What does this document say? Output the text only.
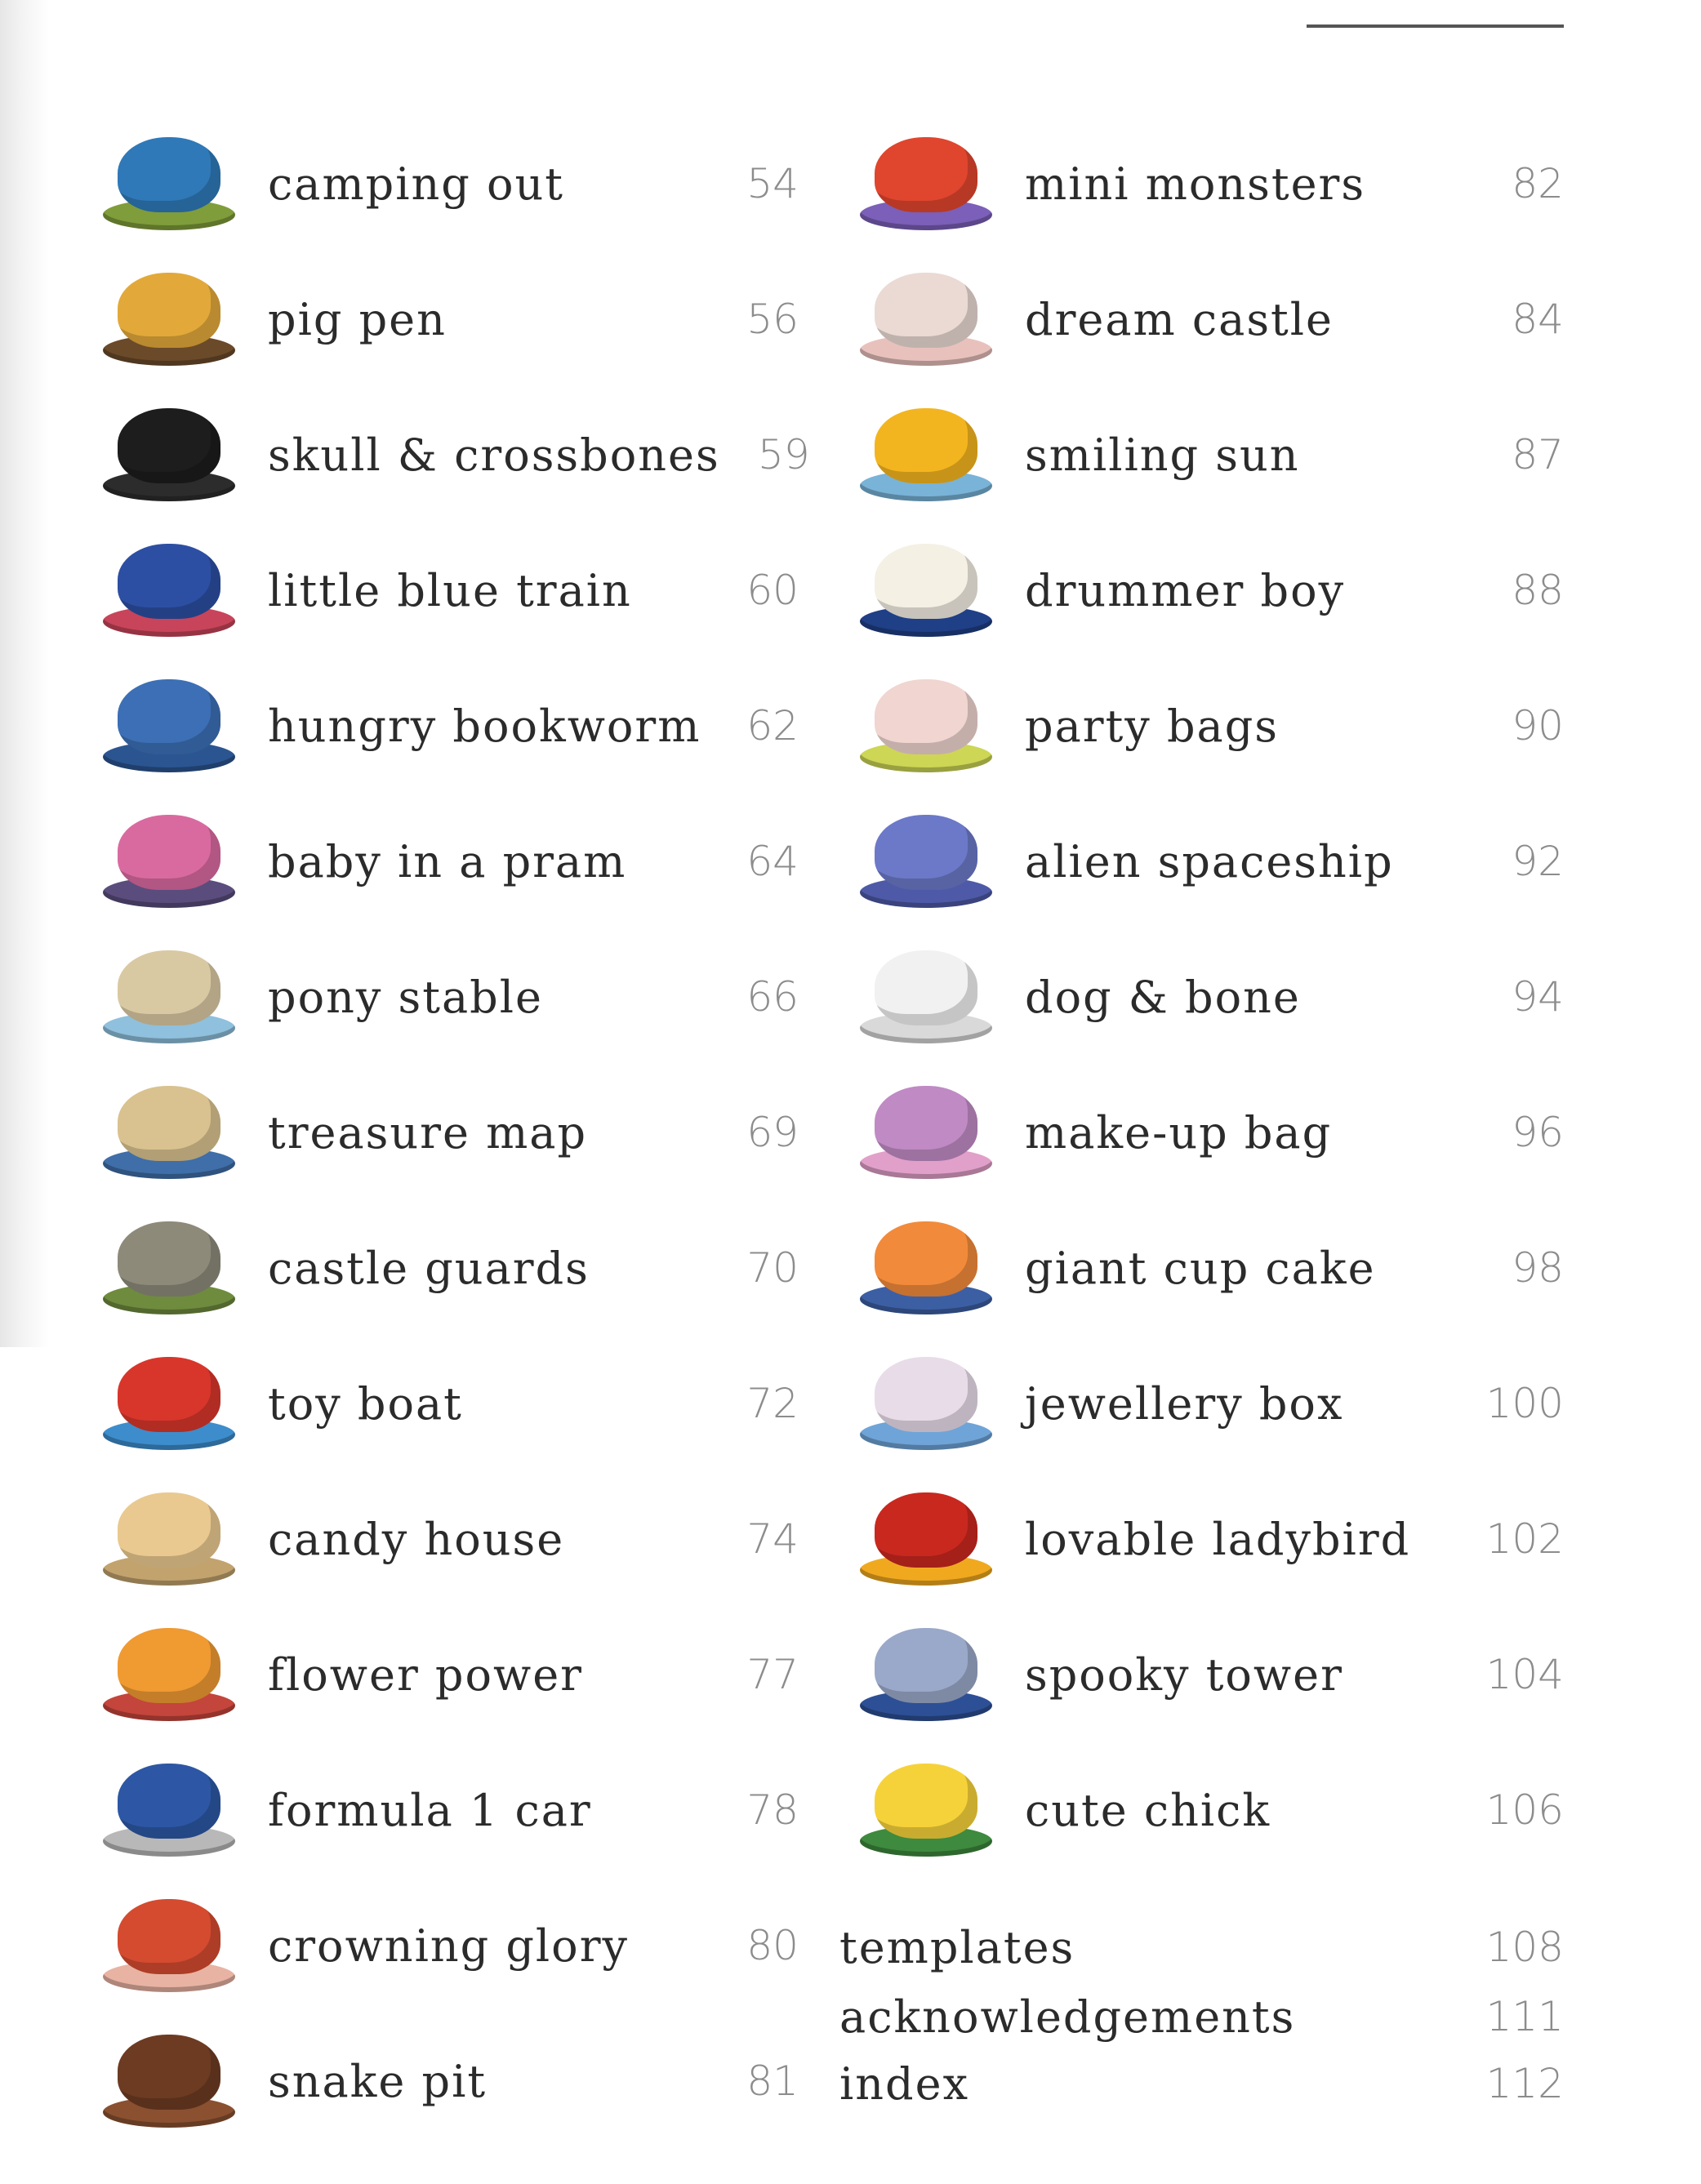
camping out	54
pig pen	56
skull & crossbones 59
little blue train	60
hungry bookworm	62
baby in a pram	64
pony stable	66
treasure map	69
castle guards	70
toy boat	72
candy house	74
flower power	77
formula 1 car	78
crowning glory	80
snake pit	81
mini monsters	82
dream castle	84
smiling sun	87
drummer boy	88
party bags	90
alien spaceship	92
dog & bone	94
make-up bag	96
giant cup cake	98
jewellery box	100
lovable ladybird	102
spooky tower	104
cute chick	106
templates	108
acknowledgements	111
index	112
